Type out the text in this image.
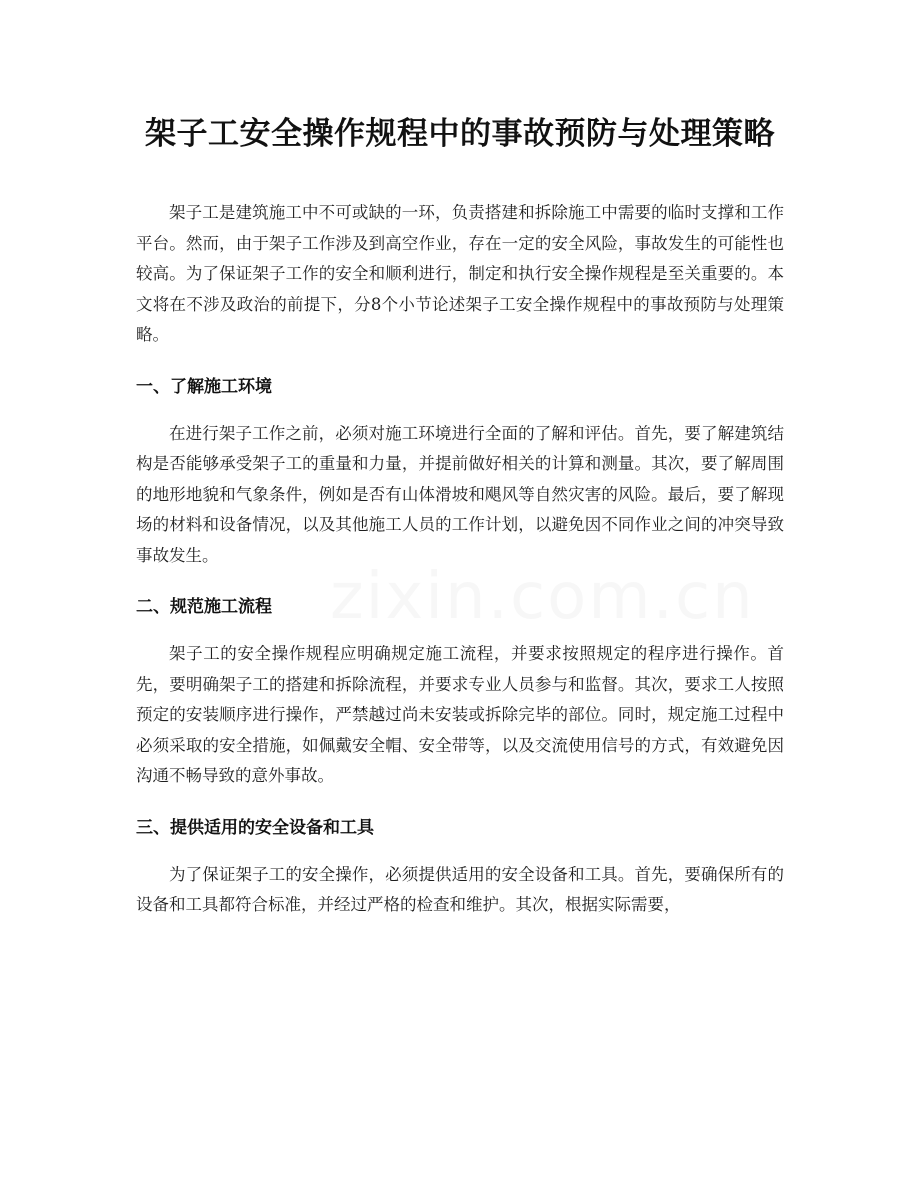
架子工安全操作规程中的事故预防与处理策略

架子工是建筑施工中不可或缺的一环，负责搭建和拆除施工中需要的临时支撑和工作平台。然而，由于架子工作涉及到高空作业，存在一定的安全风险，事故发生的可能性也较高。为了保证架子工作的安全和顺利进行，制定和执行安全操作规程是至关重要的。本文将在不涉及政治的前提下，分8个小节论述架子工安全操作规程中的事故预防与处理策略。

一、了解施工环境

在进行架子工作之前，必须对施工环境进行全面的了解和评估。首先，要了解建筑结构是否能够承受架子工的重量和力量，并提前做好相关的计算和测量。其次，要了解周围的地形地貌和气象条件，例如是否有山体滑坡和飓风等自然灾害的风险。最后，要了解现场的材料和设备情况，以及其他施工人员的工作计划，以避免因不同作业之间的冲突导致事故发生。

二、规范施工流程

架子工的安全操作规程应明确规定施工流程，并要求按照规定的程序进行操作。首先，要明确架子工的搭建和拆除流程，并要求专业人员参与和监督。其次，要求工人按照预定的安装顺序进行操作，严禁越过尚未安装或拆除完毕的部位。同时，规定施工过程中必须采取的安全措施，如佩戴安全帽、安全带等，以及交流使用信号的方式，有效避免因沟通不畅导致的意外事故。

三、提供适用的安全设备和工具

为了保证架子工的安全操作，必须提供适用的安全设备和工具。首先，要确保所有的设备和工具都符合标准，并经过严格的检查和维护。其次，根据实际需要，

zixin.com.cn
